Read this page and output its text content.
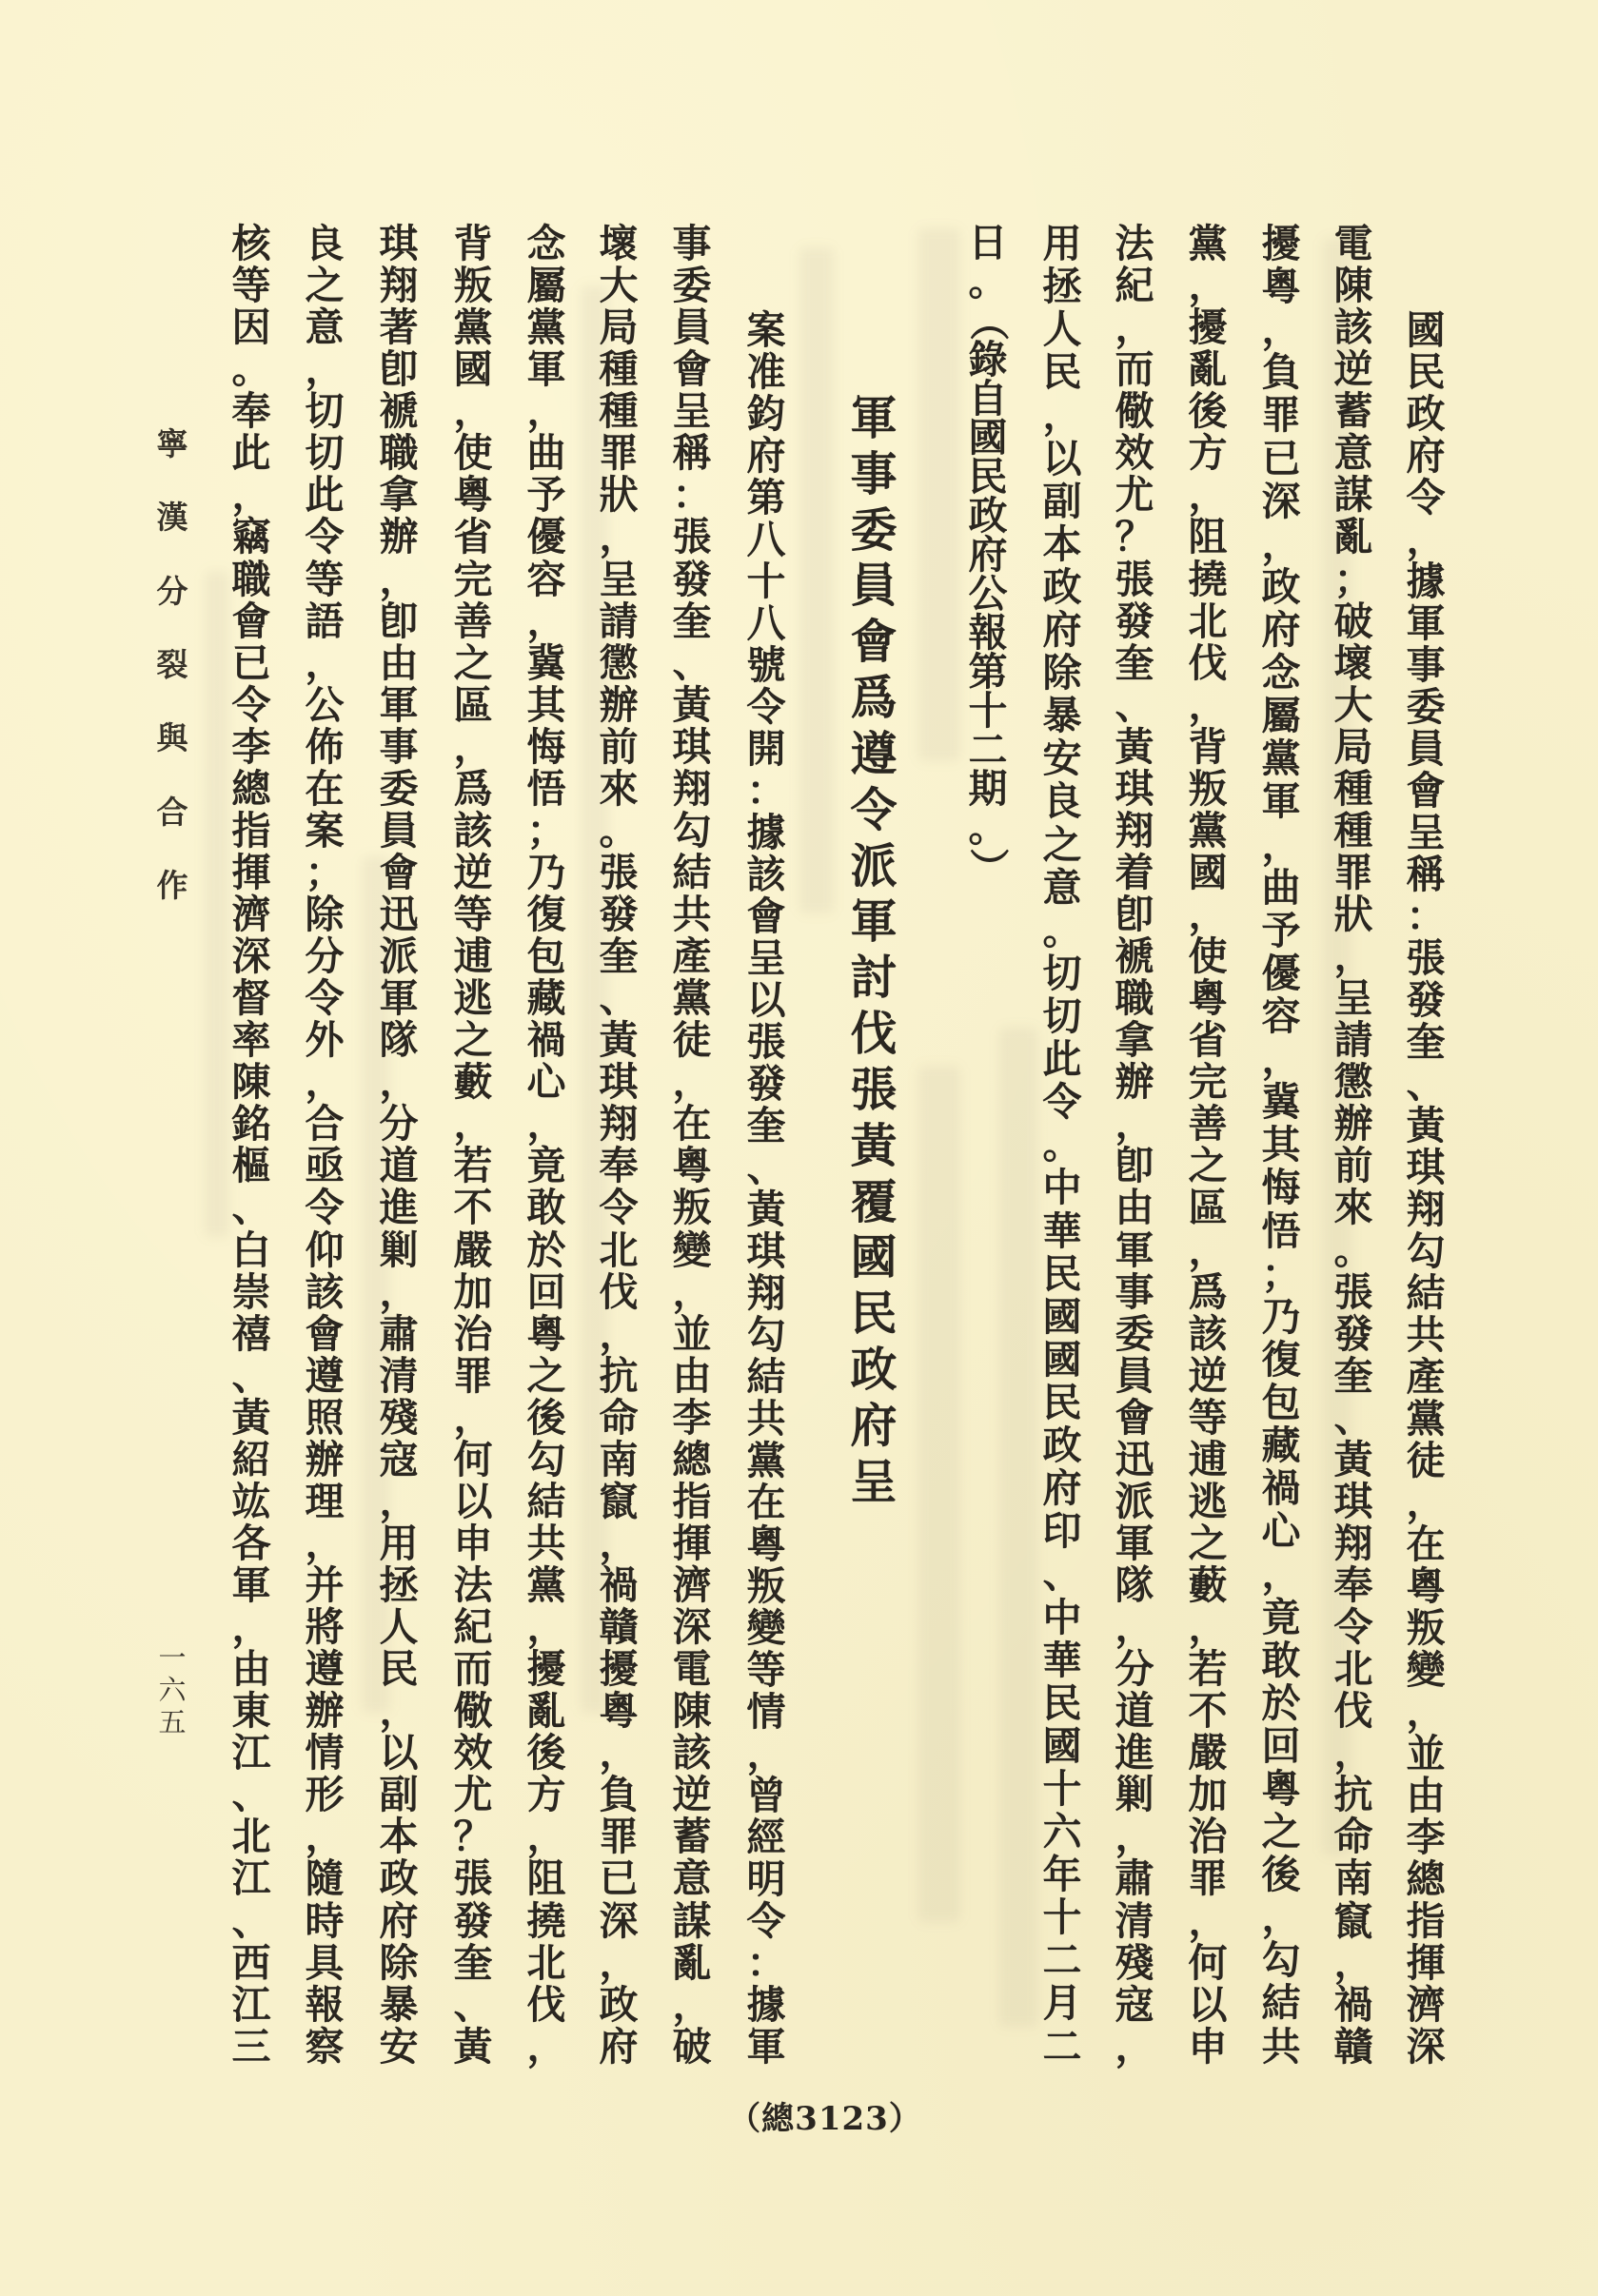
國
民
政
府
令
，
據
軍
事
委
員
會
呈
稱
：
張
發
奎
、
黃
琪
翔
勾
結
共
產
黨
徒
，
在
粵
叛
變
，
並
由
李
總
指
揮
濟
深
電
陳
該
逆
蓄
意
謀
亂
；
破
壞
大
局
種
種
罪
狀
，
呈
請
懲
辦
前
來
。
張
發
奎
、
黃
琪
翔
奉
令
北
伐
，
抗
命
南
竄
，
禍
贛
擾
粵
，
負
罪
已
深
，
政
府
念
屬
黨
軍
，
曲
予
優
容
，
冀
其
悔
悟
；
乃
復
包
藏
禍
心
，
竟
敢
於
回
粵
之
後
，
勾
結
共
黨
，
擾
亂
後
方
，
阻
撓
北
伐
，
背
叛
黨
國
，
使
粵
省
完
善
之
區
，
爲
該
逆
等
逋
逃
之
藪
，
若
不
嚴
加
治
罪
，
何
以
申
法
紀
，
而
儆
效
尤
？
張
發
奎
、
黃
琪
翔
着
卽
褫
職
拿
辦
，
卽
由
軍
事
委
員
會
迅
派
軍
隊
，
分
道
進
剿
，
肅
清
殘
寇
，
用
拯
人
民
，
以
副
本
政
府
除
暴
安
良
之
意
。
切
切
此
令
。
中
華
民
國
國
民
政
府
印
、
中
華
民
國
十
六
年
十
二
月
二
日
。
（
錄
自
國
民
政
府
公
報
第
十
二
期
。
）
軍
事
委
員
會
爲
遵
令
派
軍
討
伐
張
黃
覆
國
民
政
府
呈
案
准
鈞
府
第
八
十
八
號
令
開
：
據
該
會
呈
以
張
發
奎
、
黃
琪
翔
勾
結
共
黨
在
粵
叛
變
等
情
，
曾
經
明
令
：
據
軍
事
委
員
會
呈
稱
：
張
發
奎
、
黃
琪
翔
勾
結
共
產
黨
徒
，
在
粵
叛
變
，
並
由
李
總
指
揮
濟
深
電
陳
該
逆
蓄
意
謀
亂
，
破
壞
大
局
種
種
罪
狀
，
呈
請
懲
辦
前
來
。
張
發
奎
、
黃
琪
翔
奉
令
北
伐
，
抗
命
南
竄
，
禍
贛
擾
粵
，
負
罪
已
深
，
政
府
念
屬
黨
軍
，
曲
予
優
容
，
冀
其
悔
悟
；
乃
復
包
藏
禍
心
，
竟
敢
於
回
粵
之
後
勾
結
共
黨
，
擾
亂
後
方
，
阻
撓
北
伐
，
背
叛
黨
國
，
使
粵
省
完
善
之
區
，
爲
該
逆
等
逋
逃
之
藪
，
若
不
嚴
加
治
罪
，
何
以
申
法
紀
而
儆
效
尤
？
張
發
奎
、
黃
琪
翔
著
卽
褫
職
拿
辦
，
卽
由
軍
事
委
員
會
迅
派
軍
隊
，
分
道
進
剿
，
肅
清
殘
寇
，
用
拯
人
民
，
以
副
本
政
府
除
暴
安
良
之
意
，
切
切
此
令
等
語
，
公
佈
在
案
；
除
分
令
外
，
合
亟
令
仰
該
會
遵
照
辦
理
，
并
將
遵
辦
情
形
，
隨
時
具
報
察
核
等
因
。
奉
此
，
竊
職
會
已
令
李
總
指
揮
濟
深
督
率
陳
銘
樞
、
白
崇
禧
、
黃
紹
竑
各
軍
，
由
東
江
、
北
江
、
西
江
三
寧
漢
分
裂
與
合
作
一
六
五
（總3123）
